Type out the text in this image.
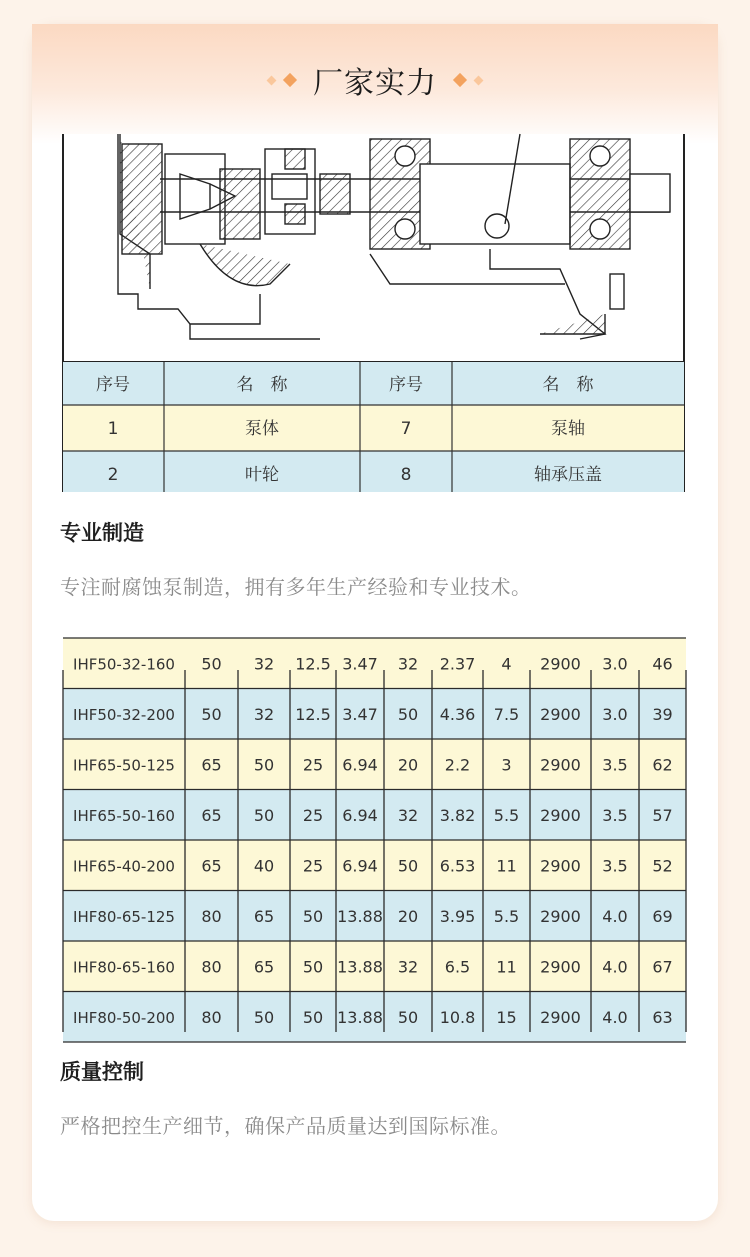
厂家实力
序号	名　称	序号	名　称
1	泵体	7	泵轴
2	叶轮	8	轴承压盖
专业制造
专注耐腐蚀泵制造，拥有多年生产经验和专业技术。
IHF50-32-160 50 32 12.5 3.47 32 2.37 4 2900 3.0 46
IHF50-32-200 50 32 12.5 3.47 50 4.36 7.5 2900 3.0 39
IHF65-50-125 65 50 25 6.94 20 2.2 3 2900 3.5 62
IHF65-50-160 65 50 25 6.94 32 3.82 5.5 2900 3.5 57
IHF65-40-200 65 40 25 6.94 50 6.53 11 2900 3.5 52
IHF80-65-125 80 65 50 13.88 20 3.95 5.5 2900 4.0 69
IHF80-65-160 80 65 50 13.88 32 6.5 11 2900 4.0 67
IHF80-50-200 80 50 50 13.88 50 10.8 15 2900 4.0 63
质量控制
严格把控生产细节，确保产品质量达到国际标准。
